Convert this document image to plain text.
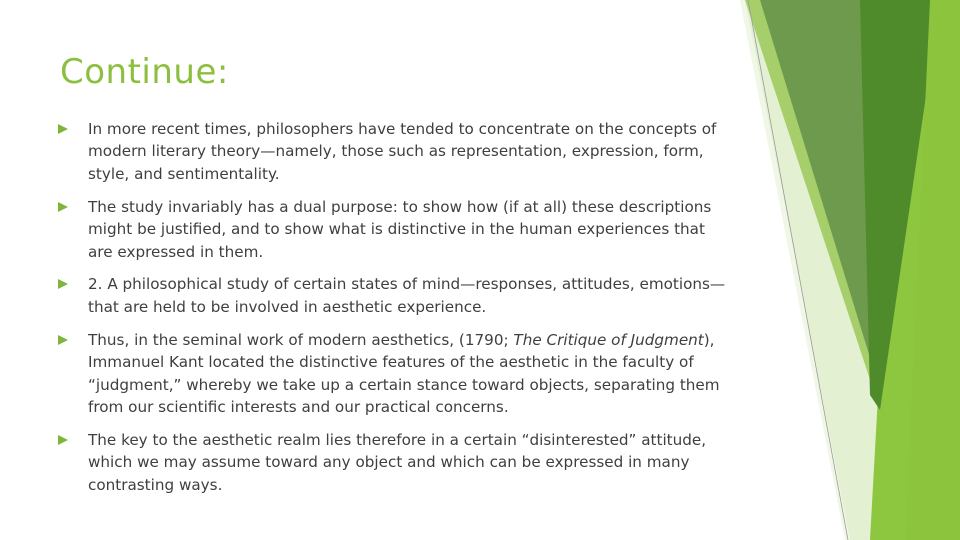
Continue:
In more recent times, philosophers have tended to concentrate on the concepts of modern literary theory—namely, those such as representation, expression, form, style, and sentimentality.
The study invariably has a dual purpose: to show how (if at all) these descriptions might be justified, and to show what is distinctive in the human experiences that are expressed in them.
2. A philosophical study of certain states of mind—responses, attitudes, emotions—that are held to be involved in aesthetic experience.
Thus, in the seminal work of modern aesthetics, (1790; The Critique of Judgment), Immanuel Kant located the distinctive features of the aesthetic in the faculty of “judgment,” whereby we take up a certain stance toward objects, separating them from our scientific interests and our practical concerns.
The key to the aesthetic realm lies therefore in a certain “disinterested” attitude, which we may assume toward any object and which can be expressed in many contrasting ways.
